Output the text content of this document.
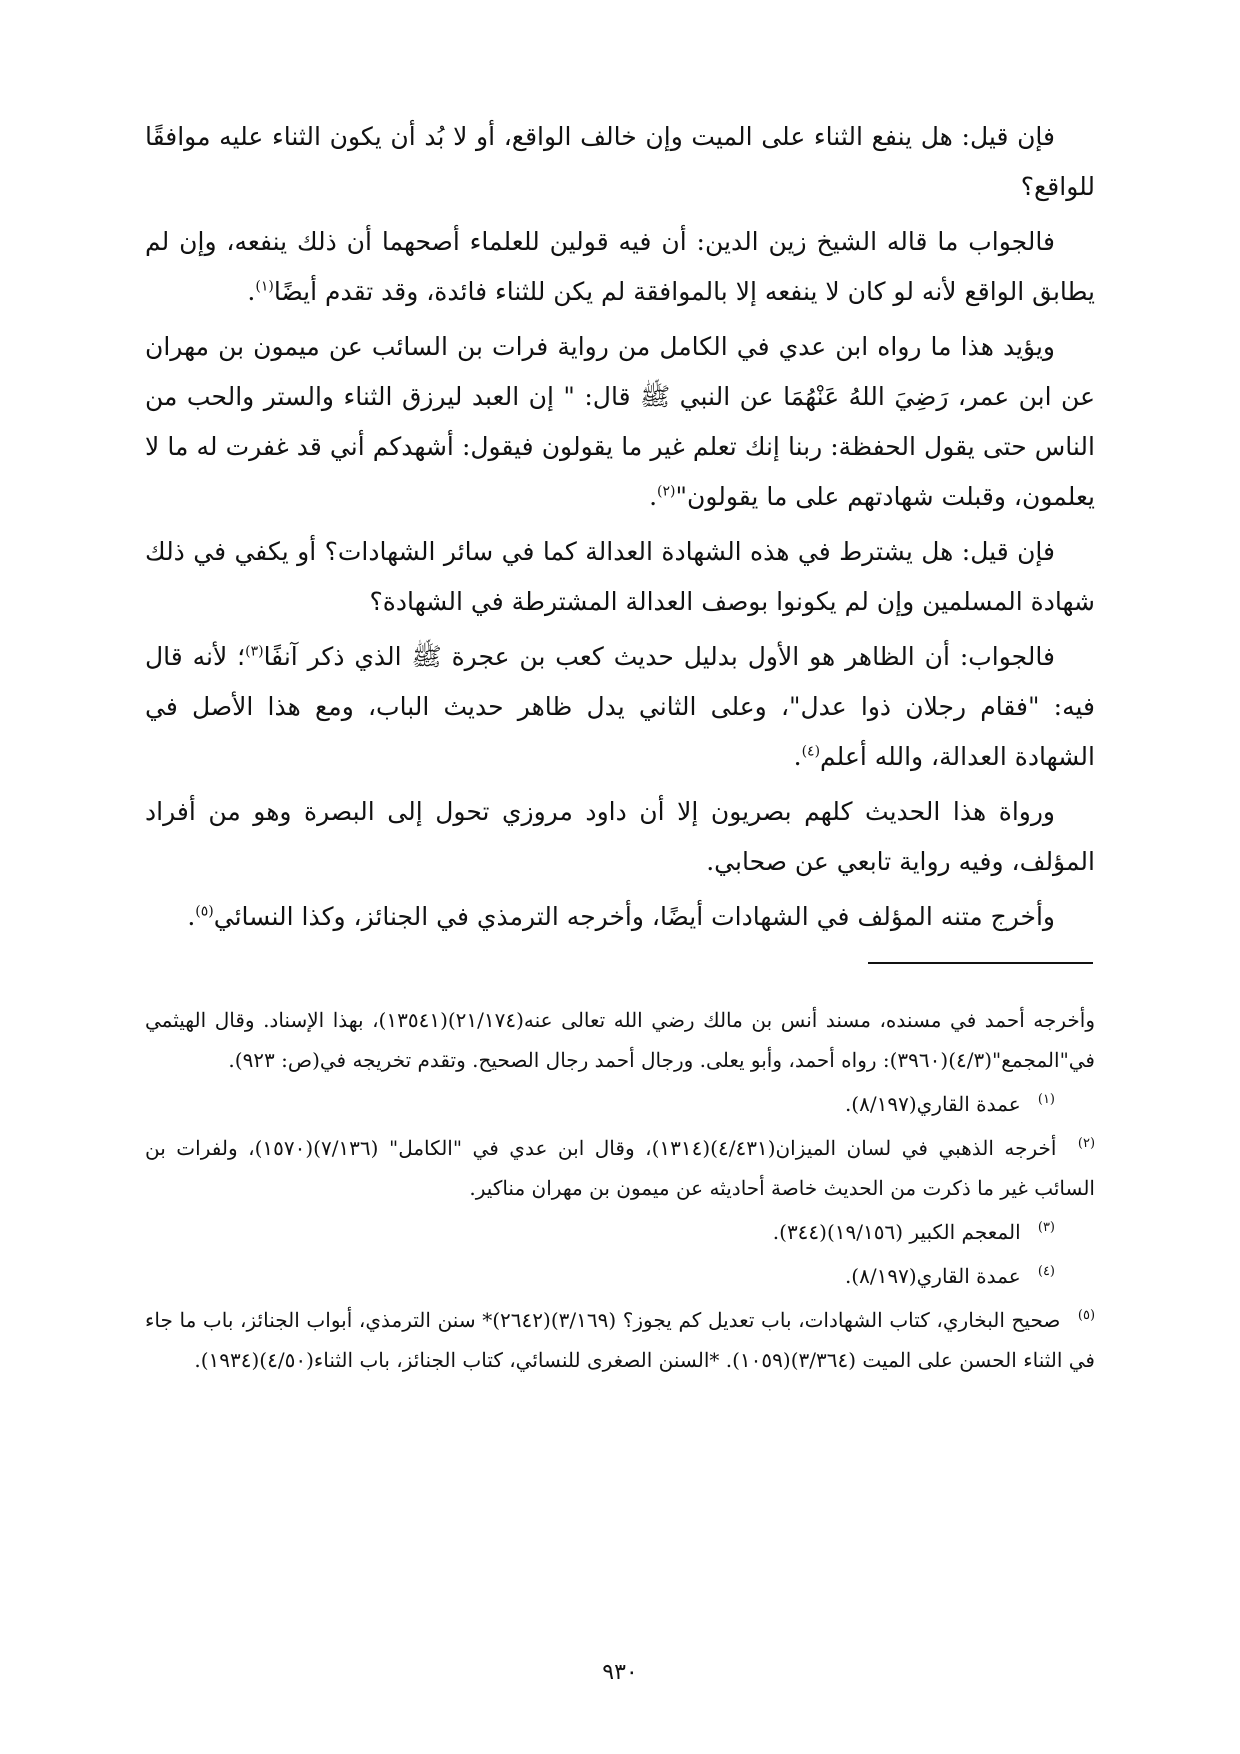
فإن قيل: هل ينفع الثناء على الميت وإن خالف الواقع، أو لا بُد أن يكون الثناء عليه موافقًا للواقع؟

فالجواب ما قاله الشيخ زين الدين: أن فيه قولين للعلماء أصحهما أن ذلك ينفعه، وإن لم يطابق الواقع لأنه لو كان لا ينفعه إلا بالموافقة لم يكن للثناء فائدة، وقد تقدم أيضًا$^{(١)}$.

ويؤيد هذا ما رواه ابن عدي في الكامل من رواية فرات بن السائب عن ميمون بن مهران عن ابن عمر، رَضِيَ اللهُ عَنْهُمَا عن النبي ﷺ قال: " إن العبد ليرزق الثناء والستر والحب من الناس حتى يقول الحفظة: ربنا إنك تعلم غير ما يقولون فيقول: أشهدكم أني قد غفرت له ما لا يعلمون، وقبلت شهادتهم على ما يقولون"$^{(٢)}$.

فإن قيل: هل يشترط في هذه الشهادة العدالة كما في سائر الشهادات؟ أو يكفي في ذلك شهادة المسلمين وإن لم يكونوا بوصف العدالة المشترطة في الشهادة؟

فالجواب: أن الظاهر هو الأول بدليل حديث كعب بن عجرة ﷺ الذي ذكر آنفًا$^{(٣)}$؛ لأنه قال فيه: "فقام رجلان ذوا عدل"، وعلى الثاني يدل ظاهر حديث الباب، ومع هذا الأصل في الشهادة العدالة، والله أعلم$^{(٤)}$.

ورواة هذا الحديث كلهم بصريون إلا أن داود مروزي تحول إلى البصرة وهو من أفراد المؤلف، وفيه رواية تابعي عن صحابي.

وأخرج متنه المؤلف في الشهادات أيضًا، وأخرجه الترمذي في الجنائز، وكذا النسائي$^{(٥)}$.

وأخرجه أحمد في مسنده، مسند أنس بن مالك رضي الله تعالى عنه(٢١/١٧٤)(١٣٥٤١)، بهذا الإسناد. وقال الهيثمي في"المجمع"(٤/٣)(٣٩٦٠): رواه أحمد، وأبو يعلى. ورجال أحمد رجال الصحيح. وتقدم تخريجه في(ص: ٩٢٣).

(١) عمدة القاري(٨/١٩٧).

(٢) أخرجه الذهبي في لسان الميزان(٤/٤٣١)(١٣١٤)، وقال ابن عدي في "الكامل" (٧/١٣٦)(١٥٧٠)، ولفرات بن السائب غير ما ذكرت من الحديث خاصة أحاديثه عن ميمون بن مهران مناكير.

(٣) المعجم الكبير (١٩/١٥٦)(٣٤٤).

(٤) عمدة القاري(٨/١٩٧).

(٥) صحيح البخاري، كتاب الشهادات، باب تعديل كم يجوز؟ (٣/١٦٩)(٢٦٤٢)* سنن الترمذي، أبواب الجنائز، باب ما جاء في الثناء الحسن على الميت (٣/٣٦٤)(١٠٥٩). *السنن الصغرى للنسائي، كتاب الجنائز، باب الثناء(٤/٥٠)(١٩٣٤).

٩٣٠
